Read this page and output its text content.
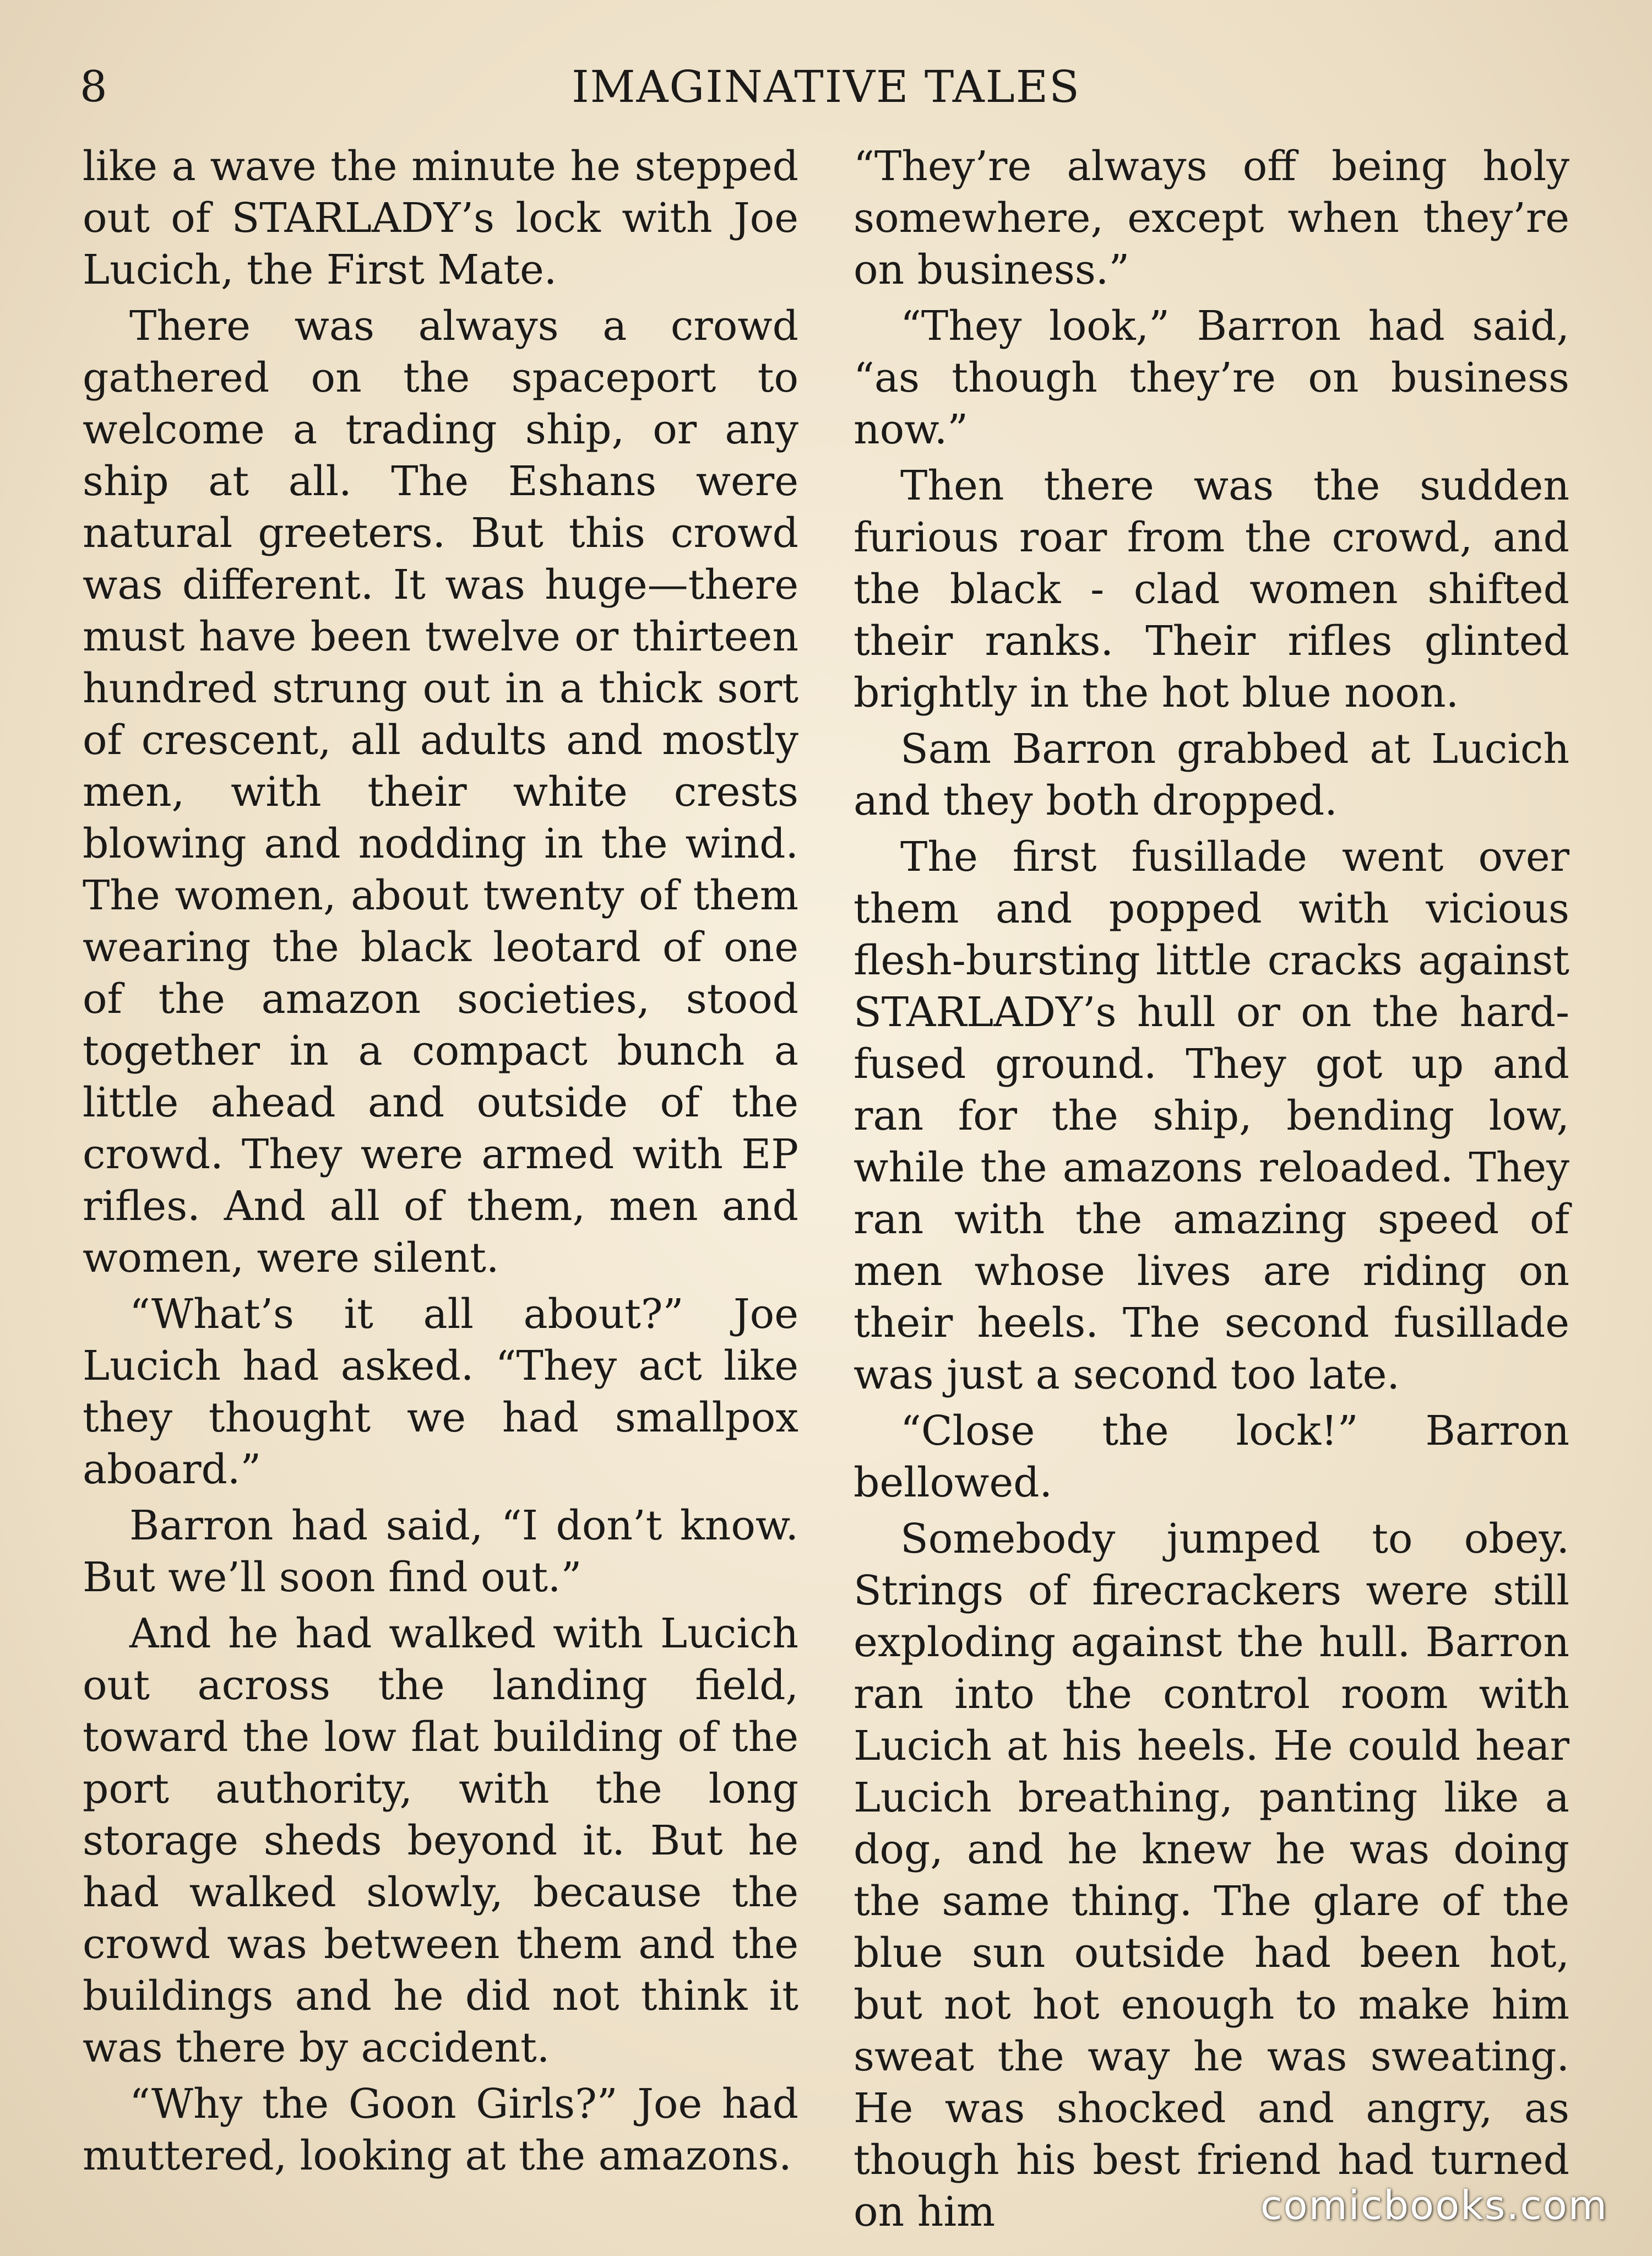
8	IMAGINATIVE TALES

like a wave the minute he stepped out of STARLADY’s lock with Joe Lucich, the First Mate.

There was always a crowd gathered on the spaceport to welcome a trading ship, or any ship at all. The Eshans were natural greeters. But this crowd was different. It was huge—there must have been twelve or thirteen hundred strung out in a thick sort of crescent, all adults and mostly men, with their white crests blowing and nodding in the wind. The women, about twenty of them wearing the black leotard of one of the amazon societies, stood together in a compact bunch a little ahead and outside of the crowd. They were armed with EP rifles. And all of them, men and women, were silent.

“What’s it all about?” Joe Lucich had asked. “They act like they thought we had smallpox aboard.”

Barron had said, “I don’t know. But we’ll soon find out.”

And he had walked with Lucich out across the landing field, toward the low flat building of the port authority, with the long storage sheds beyond it. But he had walked slowly, because the crowd was between them and the buildings and he did not think it was there by accident.

“Why the Goon Girls?” Joe had muttered, looking at the amazons.

“They’re always off being holy somewhere, except when they’re on business.”

“They look,” Barron had said, “as though they’re on business now.”

Then there was the sudden furious roar from the crowd, and the black - clad women shifted their ranks. Their rifles glinted brightly in the hot blue noon.

Sam Barron grabbed at Lucich and they both dropped.

The first fusillade went over them and popped with vicious flesh-bursting little cracks against STARLADY’s hull or on the hard-fused ground. They got up and ran for the ship, bending low, while the amazons reloaded. They ran with the amazing speed of men whose lives are riding on their heels. The second fusillade was just a second too late.

“Close the lock!” Barron bellowed.

Somebody jumped to obey. Strings of firecrackers were still exploding against the hull. Barron ran into the control room with Lucich at his heels. He could hear Lucich breathing, panting like a dog, and he knew he was doing the same thing. The glare of the blue sun outside had been hot, but not hot enough to make him sweat the way he was sweating. He was shocked and angry, as though his best friend had turned on him	comicbooks.com
